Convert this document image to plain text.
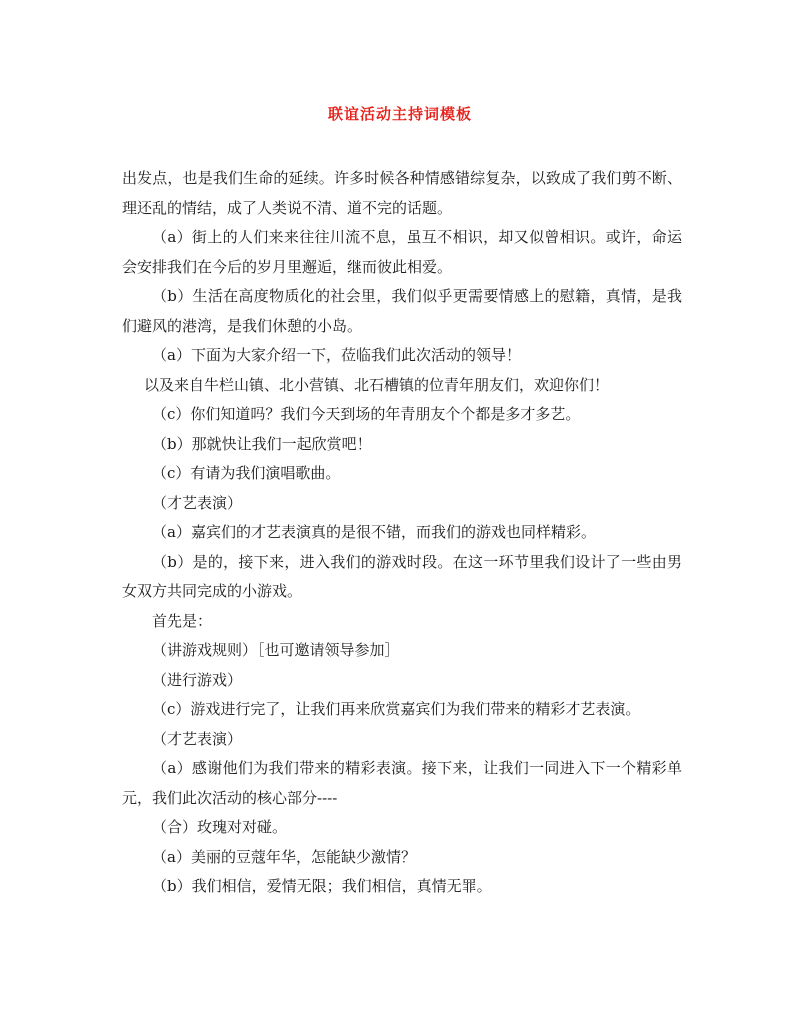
联谊活动主持词模板

出发点，也是我们生命的延续。许多时候各种情感错综复杂，以致成了我们剪不断、理还乱的情结，成了人类说不清、道不完的话题。

（a）街上的人们来来往往川流不息，虽互不相识，却又似曾相识。或许，命运会安排我们在今后的岁月里邂逅，继而彼此相爱。

（b）生活在高度物质化的社会里，我们似乎更需要情感上的慰籍，真情，是我们避风的港湾，是我们休憩的小岛。

（a）下面为大家介绍一下，莅临我们此次活动的领导！

以及来自牛栏山镇、北小营镇、北石槽镇的位青年朋友们，欢迎你们！

（c）你们知道吗？我们今天到场的年青朋友个个都是多才多艺。

（b）那就快让我们一起欣赏吧！

（c）有请为我们演唱歌曲。

（才艺表演）

（a）嘉宾们的才艺表演真的是很不错，而我们的游戏也同样精彩。

（b）是的，接下来，进入我们的游戏时段。在这一环节里我们设计了一些由男女双方共同完成的小游戏。

首先是：

（讲游戏规则）［也可邀请领导参加］

（进行游戏）

（c）游戏进行完了，让我们再来欣赏嘉宾们为我们带来的精彩才艺表演。

（才艺表演）

（a）感谢他们为我们带来的精彩表演。接下来，让我们一同进入下一个精彩单元，我们此次活动的核心部分----

（合）玫瑰对对碰。

（a）美丽的豆蔻年华，怎能缺少激情？

（b）我们相信，爱情无限；我们相信，真情无罪。
